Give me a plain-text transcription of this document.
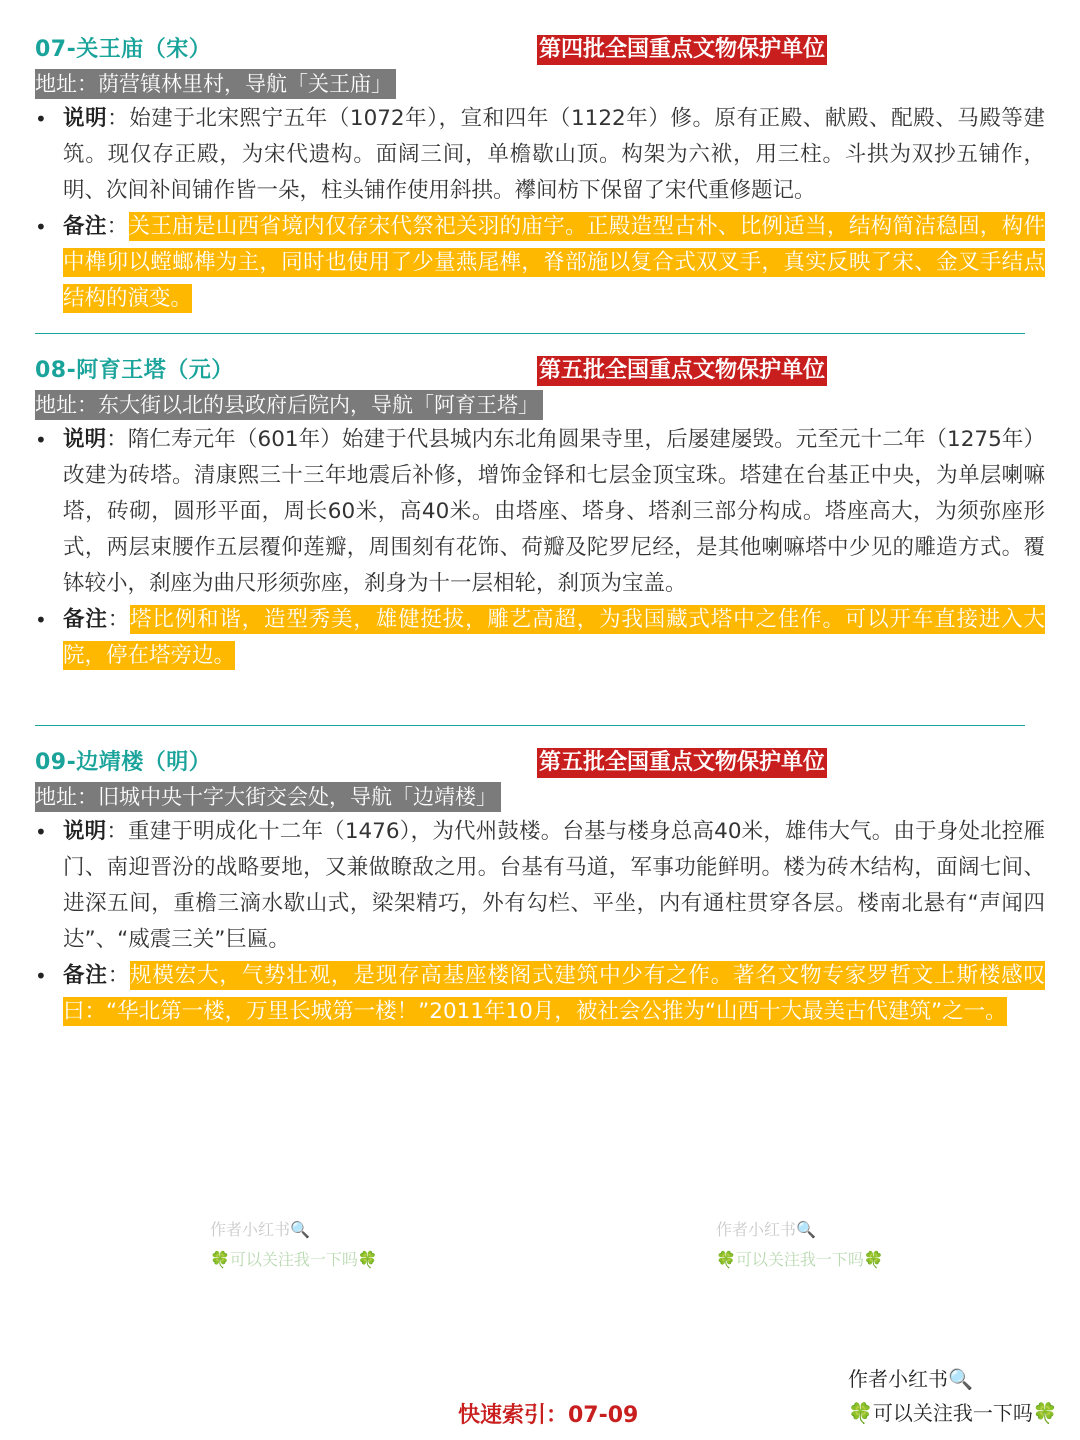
07-关王庙（宋）	第四批全国重点文物保护单位
地址：荫营镇林里村，导航「关王庙」
• 说明：始建于北宋熙宁五年（1072年），宣和四年（1122年）修。原有正殿、献殿、配殿、马殿等建筑。现仅存正殿，为宋代遗构。面阔三间，单檐歇山顶。构架为六袱，用三柱。斗拱为双抄五铺作，明、次间补间铺作皆一朵，柱头铺作使用斜拱。襻间枋下保留了宋代重修题记。
• 备注：关王庙是山西省境内仅存宋代祭祀关羽的庙宇。正殿造型古朴、比例适当，结构简洁稳固，构件中榫卯以螳螂榫为主，同时也使用了少量燕尾榫，脊部施以复合式双叉手，真实反映了宋、金叉手结点结构的演变。
08-阿育王塔（元）	第五批全国重点文物保护单位
地址：东大街以北的县政府后院内，导航「阿育王塔」
• 说明：隋仁寿元年（601年）始建于代县城内东北角圆果寺里，后屡建屡毁。元至元十二年（1275年）改建为砖塔。清康熙三十三年地震后补修，增饰金铎和七层金顶宝珠。塔建在台基正中央，为单层喇嘛塔，砖砌，圆形平面，周长60米，高40米。由塔座、塔身、塔刹三部分构成。塔座高大，为须弥座形式，两层束腰作五层覆仰莲瓣，周围刻有花饰、荷瓣及陀罗尼经，是其他喇嘛塔中少见的雕造方式。覆钵较小，刹座为曲尺形须弥座，刹身为十一层相轮，刹顶为宝盖。
• 备注：塔比例和谐，造型秀美，雄健挺拔，雕艺高超，为我国藏式塔中之佳作。可以开车直接进入大院，停在塔旁边。
09-边靖楼（明）	第五批全国重点文物保护单位
地址：旧城中央十字大街交会处，导航「边靖楼」
• 说明：重建于明成化十二年（1476），为代州鼓楼。台基与楼身总高40米，雄伟大气。由于身处北控雁门、南迎晋汾的战略要地，又兼做瞭敌之用。台基有马道，军事功能鲜明。楼为砖木结构，面阔七间、进深五间，重檐三滴水歇山式，梁架精巧，外有勾栏、平坐，内有通柱贯穿各层。楼南北悬有“声闻四达”、“威震三关”巨匾。
• 备注：规模宏大，气势壮观，是现存高基座楼阁式建筑中少有之作。著名文物专家罗哲文上斯楼感叹曰：“华北第一楼，万里长城第一楼！”2011年10月，被社会公推为“山西十大最美古代建筑”之一。
作者小红书🔍
🍀可以关注我一下吗🍀
作者小红书🔍
🍀可以关注我一下吗🍀
快速索引：07-09
作者小红书🔍
🍀可以关注我一下吗🍀
